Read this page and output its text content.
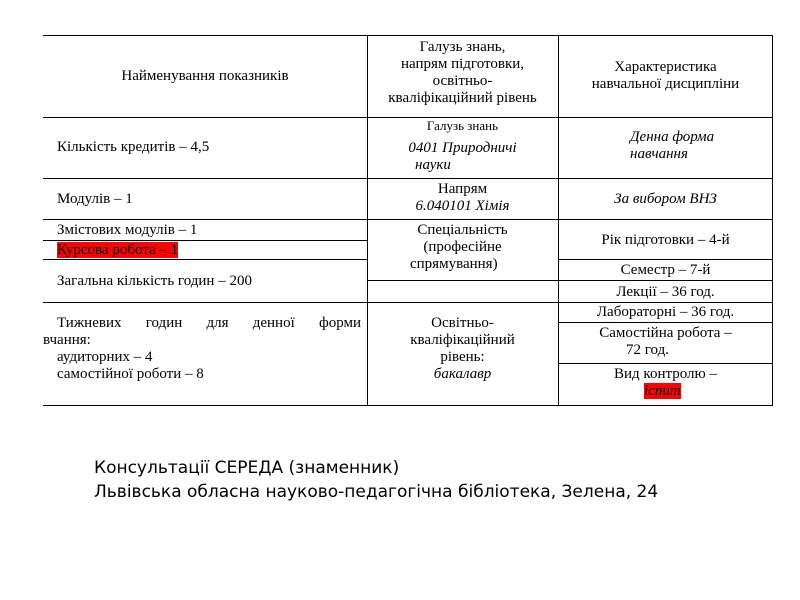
Найменування показників
Галузь знань,
напрям підготовки,
освітньо-
кваліфікаційний рівень
Характеристика
навчальної дисципліни
Кількість кредитів – 4,5
Модулів – 1
Змістових модулів – 1
Курсова робота – 1
Загальна кількість годин – 200
Тижневих годин для денної форми
вчання:
аудиторних – 4
самостійної роботи – 8
Галузь знань
0401 Природничі
науки
Напрям
6.040101 Хімія
Спеціальність
(професійне
спрямування)
Освітньо-
кваліфікаційний
рівень:
бакалавр
Денна форма
навчання
За вибором ВНЗ
Рік підготовки – 4-й
Семестр – 7-й
Лекції – 36 год.
Лабораторні – 36 год.
Самостійна робота –
72 год.
Вид контролю –
іспит
Консультації СЕРЕДА (знаменник)
Львівська обласна науково-педагогічна бібліотека, Зелена, 24
